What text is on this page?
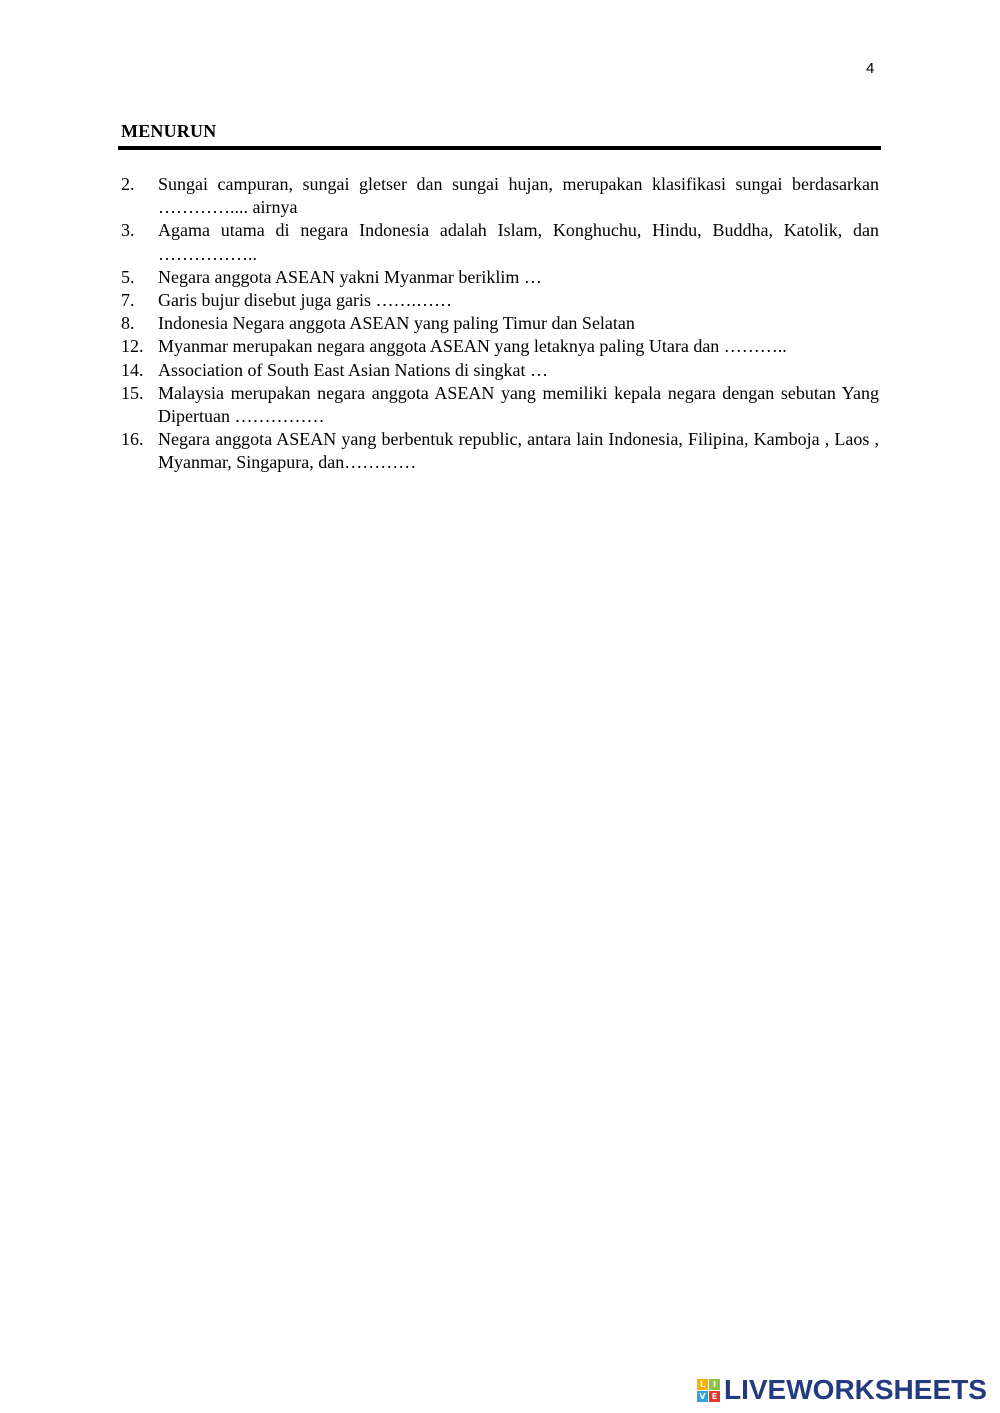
4
MENURUN
2.	Sungai campuran, sungai gletser dan sungai hujan, merupakan klasifikasi sungai berdasarkan ………….... airnya
3.	Agama utama di negara Indonesia adalah Islam, Konghuchu, Hindu, Buddha, Katolik, dan ……………..
5.	Negara anggota ASEAN yakni Myanmar beriklim …
7.	Garis bujur disebut juga garis …….……
8.	Indonesia Negara anggota ASEAN yang paling Timur dan Selatan
12. Myanmar merupakan negara anggota ASEAN yang letaknya paling Utara dan ………..
14. Association of South East Asian Nations di singkat …
15. Malaysia merupakan negara anggota ASEAN yang memiliki kepala negara dengan sebutan Yang Dipertuan ……………
16. Negara anggota ASEAN yang berbentuk republic, antara lain Indonesia, Filipina, Kamboja , Laos , Myanmar, Singapura, dan…………
L I
V E LIVEWORKSHEETS
